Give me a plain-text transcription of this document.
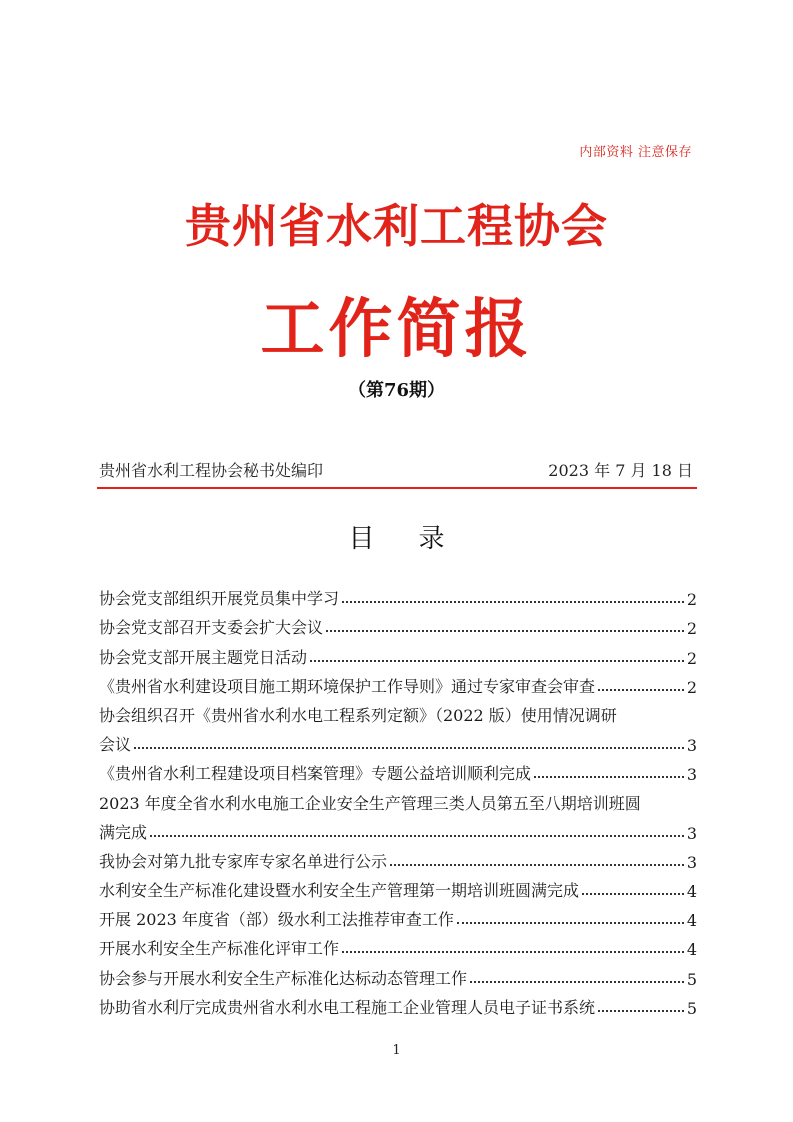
内部资料 注意保存
贵州省水利工程协会
工作简报
（第76期）
贵州省水利工程协会秘书处编印	2023 年 7 月 18 日
目录
协会党支部组织开展党员集中学习	2
协会党支部召开支委会扩大会议	2
协会党支部开展主题党日活动	2
《贵州省水利建设项目施工期环境保护工作导则》通过专家审查会审查	2
协会组织召开《贵州省水利水电工程系列定额》（2022 版）使用情况调研
会议	3
《贵州省水利工程建设项目档案管理》专题公益培训顺利完成	3
2023 年度全省水利水电施工企业安全生产管理三类人员第五至八期培训班圆
满完成	3
我协会对第九批专家库专家名单进行公示	3
水利安全生产标准化建设暨水利安全生产管理第一期培训班圆满完成	4
开展 2023 年度省（部）级水利工法推荐审查工作	4
开展水利安全生产标准化评审工作	4
协会参与开展水利安全生产标准化达标动态管理工作	5
协助省水利厅完成贵州省水利水电工程施工企业管理人员电子证书系统	5
1
